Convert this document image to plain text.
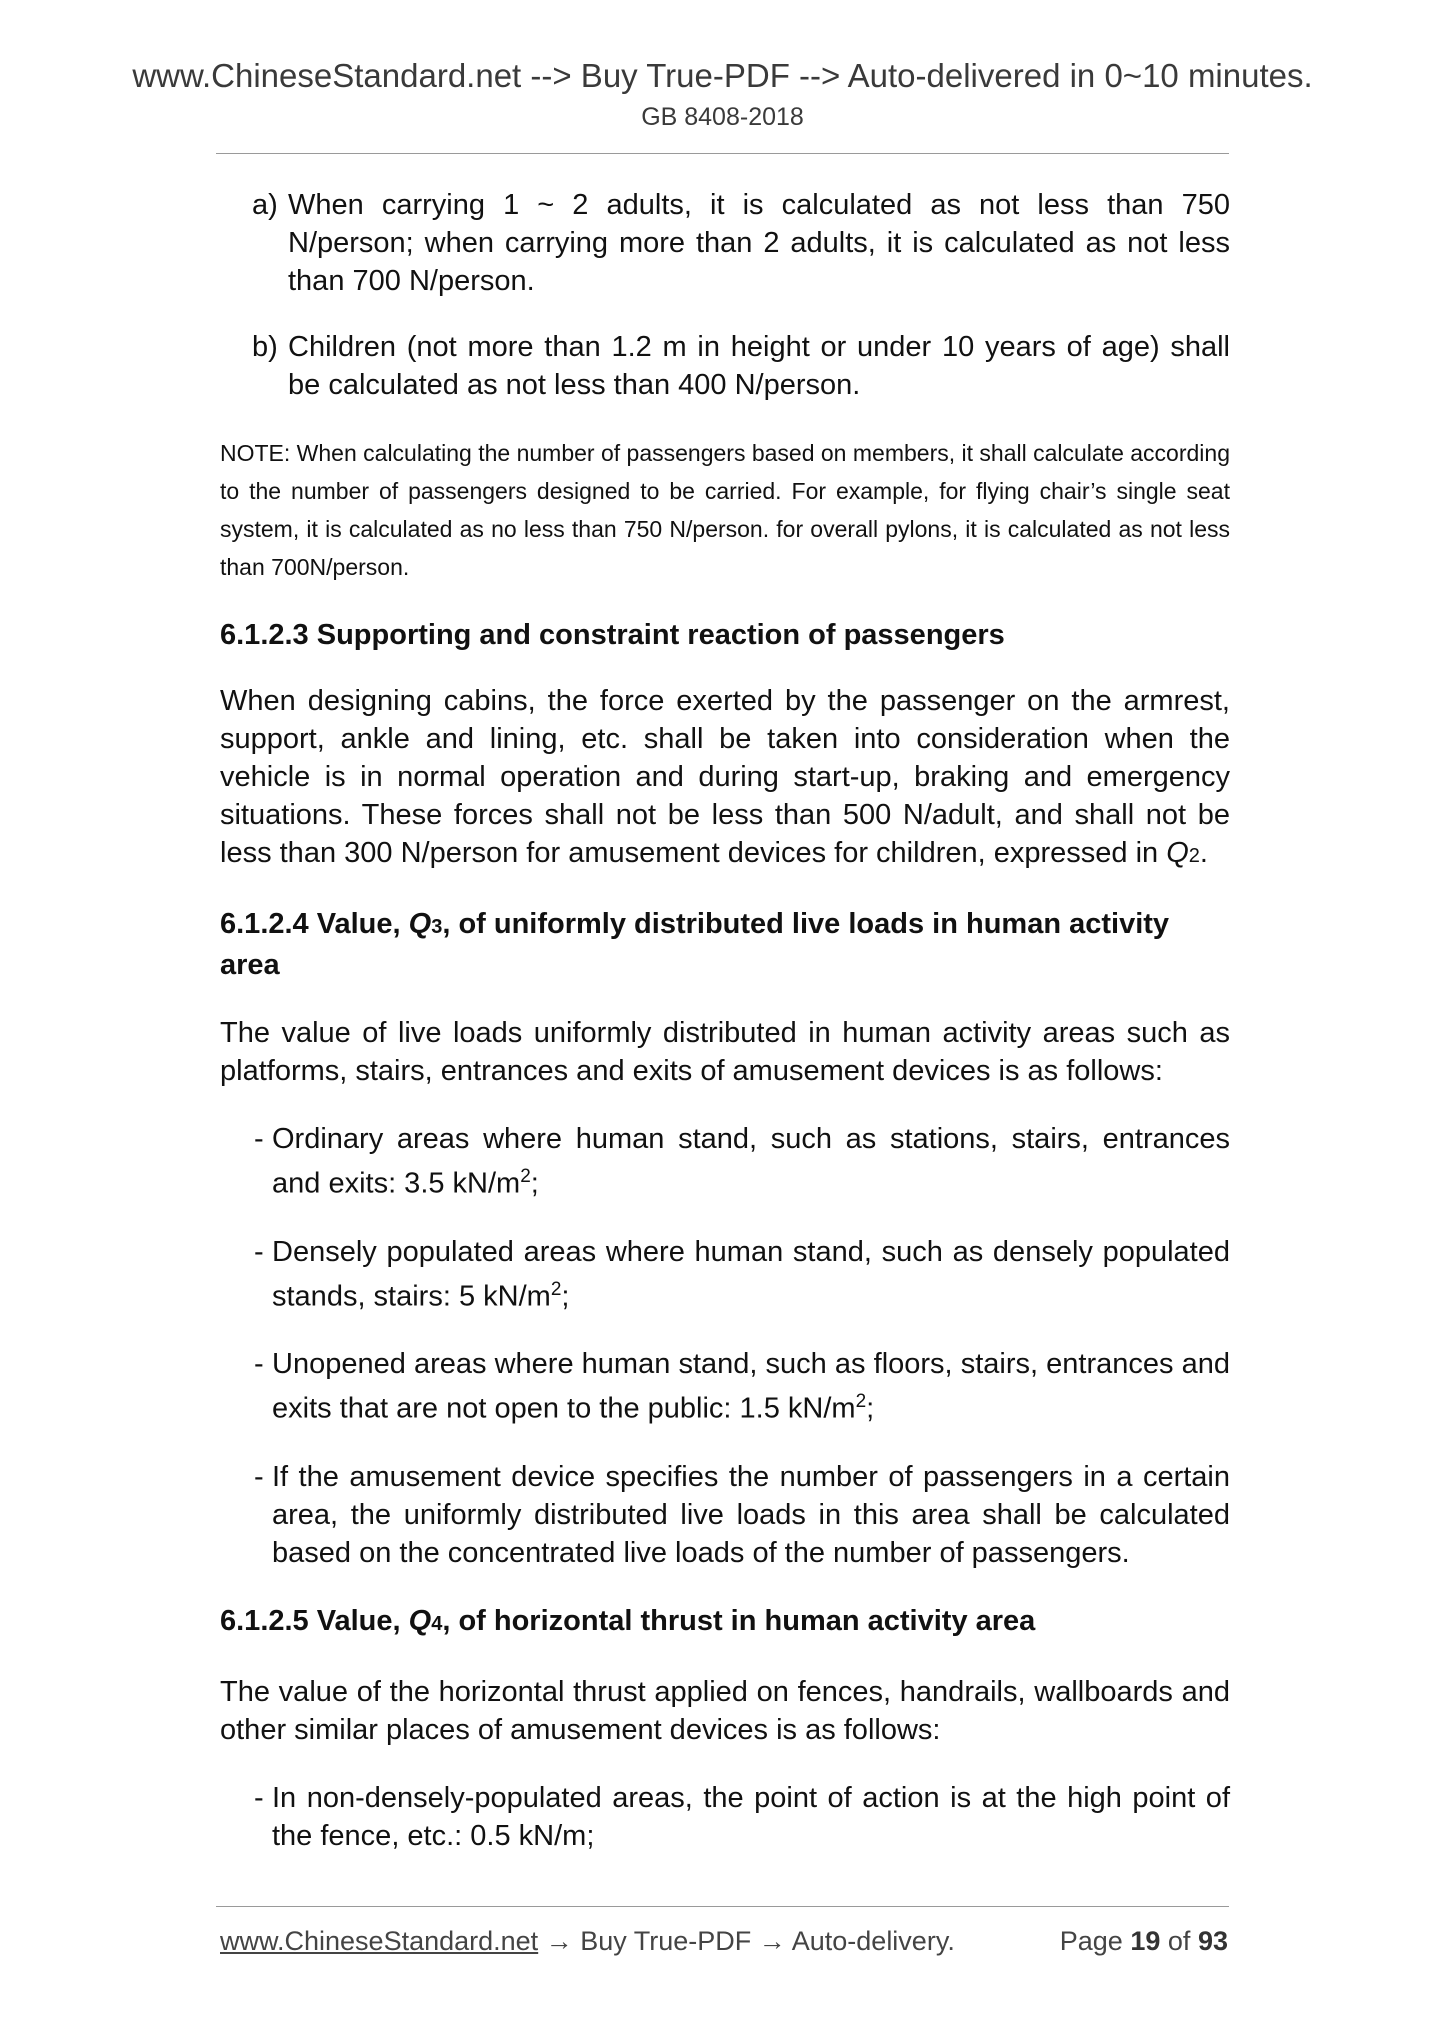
www.ChineseStandard.net --> Buy True-PDF --> Auto-delivered in 0~10 minutes.
GB 8408-2018

a) When carrying 1 ~ 2 adults, it is calculated as not less than 750 N/person; when carrying more than 2 adults, it is calculated as not less than 700 N/person.

b) Children (not more than 1.2 m in height or under 10 years of age) shall be calculated as not less than 400 N/person.

NOTE: When calculating the number of passengers based on members, it shall calculate according to the number of passengers designed to be carried. For example, for flying chair’s single seat system, it is calculated as no less than 750 N/person. for overall pylons, it is calculated as not less than 700N/person.

6.1.2.3 Supporting and constraint reaction of passengers

When designing cabins, the force exerted by the passenger on the armrest, support, ankle and lining, etc. shall be taken into consideration when the vehicle is in normal operation and during start-up, braking and emergency situations. These forces shall not be less than 500 N/adult, and shall not be less than 300 N/person for amusement devices for children, expressed in Q2.

6.1.2.4 Value, Q3, of uniformly distributed live loads in human activity area

The value of live loads uniformly distributed in human activity areas such as platforms, stairs, entrances and exits of amusement devices is as follows:

- Ordinary areas where human stand, such as stations, stairs, entrances and exits: 3.5 $kN/m^2$;

- Densely populated areas where human stand, such as densely populated stands, stairs: 5 $kN/m^2$;

- Unopened areas where human stand, such as floors, stairs, entrances and exits that are not open to the public: 1.5 $kN/m^2$;

- If the amusement device specifies the number of passengers in a certain area, the uniformly distributed live loads in this area shall be calculated based on the concentrated live loads of the number of passengers.

6.1.2.5 Value, Q4, of horizontal thrust in human activity area

The value of the horizontal thrust applied on fences, handrails, wallboards and other similar places of amusement devices is as follows:

- In non-densely-populated areas, the point of action is at the high point of the fence, etc.: 0.5 kN/m;

www.ChineseStandard.net → Buy True-PDF → Auto-delivery.	Page 19 of 93
